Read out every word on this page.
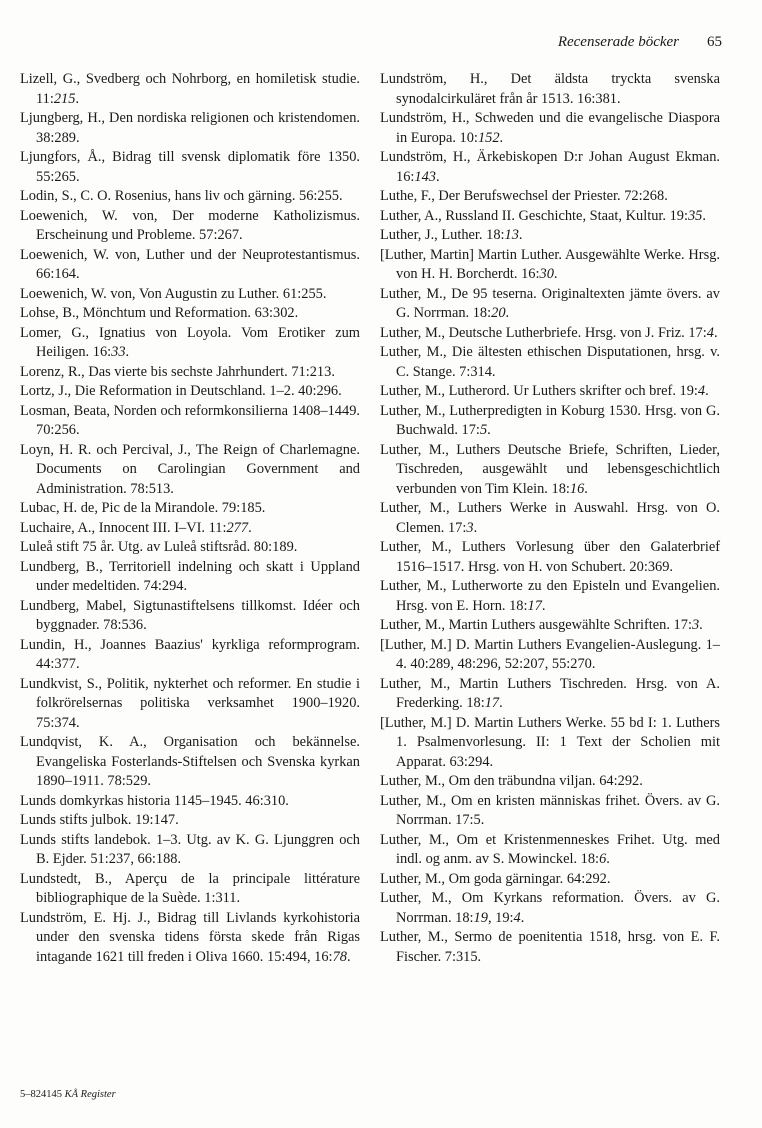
Recenserade böcker 65
Lizell, G., Svedberg och Nohrborg, en homiletisk studie. 11:215.
Ljungberg, H., Den nordiska religionen och kristendomen. 38:289.
Ljungfors, Å., Bidrag till svensk diplomatik före 1350. 55:265.
Lodin, S., C. O. Rosenius, hans liv och gärning. 56:255.
Loewenich, W. von, Der moderne Katholizismus. Erscheinung und Probleme. 57:267.
Loewenich, W. von, Luther und der Neuprotestantismus. 66:164.
Loewenich, W. von, Von Augustin zu Luther. 61:255.
Lohse, B., Mönchtum und Reformation. 63:302.
Lomer, G., Ignatius von Loyola. Vom Erotiker zum Heiligen. 16:33.
Lorenz, R., Das vierte bis sechste Jahrhundert. 71:213.
Lortz, J., Die Reformation in Deutschland. 1–2. 40:296.
Losman, Beata, Norden och reformkonsilierna 1408–1449. 70:256.
Loyn, H. R. och Percival, J., The Reign of Charlemagne. Documents on Carolingian Government and Administration. 78:513.
Lubac, H. de, Pic de la Mirandole. 79:185.
Luchaire, A., Innocent III. I–VI. 11:277.
Luleå stift 75 år. Utg. av Luleå stiftsråd. 80:189.
Lundberg, B., Territoriell indelning och skatt i Uppland under medeltiden. 74:294.
Lundberg, Mabel, Sigtunastiftelsens tillkomst. Idéer och byggnader. 78:536.
Lundin, H., Joannes Baazius' kyrkliga reformprogram. 44:377.
Lundkvist, S., Politik, nykterhet och reformer. En studie i folkrörelsernas politiska verksamhet 1900–1920. 75:374.
Lundqvist, K. A., Organisation och bekännelse. Evangeliska Fosterlands-Stiftelsen och Svenska kyrkan 1890–1911. 78:529.
Lunds domkyrkas historia 1145–1945. 46:310.
Lunds stifts julbok. 19:147.
Lunds stifts landebok. 1–3. Utg. av K. G. Ljunggren och B. Ejder. 51:237, 66:188.
Lundstedt, B., Aperçu de la principale littérature bibliographique de la Suède. 1:311.
Lundström, E. Hj. J., Bidrag till Livlands kyrkohistoria under den svenska tidens första skede från Rigas intagande 1621 till freden i Oliva 1660. 15:494, 16:78.
Lundström, H., Det äldsta tryckta svenska synodalcirkuläret från år 1513. 16:381.
Lundström, H., Schweden und die evangelische Diaspora in Europa. 10:152.
Lundström, H., Ärkebiskopen D:r Johan August Ekman. 16:143.
Luthe, F., Der Berufswechsel der Priester. 72:268.
Luther, A., Russland II. Geschichte, Staat, Kultur. 19:35.
Luther, J., Luther. 18:13.
[Luther, Martin] Martin Luther. Ausgewählte Werke. Hrsg. von H. H. Borcherdt. 16:30.
Luther, M., De 95 teserna. Originaltexten jämte övers. av G. Norrman. 18:20.
Luther, M., Deutsche Lutherbriefe. Hrsg. von J. Friz. 17:4.
Luther, M., Die ältesten ethischen Disputationen, hrsg. v. C. Stange. 7:314.
Luther, M., Lutherord. Ur Luthers skrifter och bref. 19:4.
Luther, M., Lutherpredigten in Koburg 1530. Hrsg. von G. Buchwald. 17:5.
Luther, M., Luthers Deutsche Briefe, Schriften, Lieder, Tischreden, ausgewählt und lebensgeschichtlich verbunden von Tim Klein. 18:16.
Luther, M., Luthers Werke in Auswahl. Hrsg. von O. Clemen. 17:3.
Luther, M., Luthers Vorlesung über den Galaterbrief 1516–1517. Hrsg. von H. von Schubert. 20:369.
Luther, M., Lutherworte zu den Episteln und Evangelien. Hrsg. von E. Horn. 18:17.
Luther, M., Martin Luthers ausgewählte Schriften. 17:3.
[Luther, M.] D. Martin Luthers Evangelien-Auslegung. 1–4. 40:289, 48:296, 52:207, 55:270.
Luther, M., Martin Luthers Tischreden. Hrsg. von A. Frederking. 18:17.
[Luther, M.] D. Martin Luthers Werke. 55 bd I: 1. Luthers 1. Psalmenvorlesung. II: 1 Text der Scholien mit Apparat. 63:294.
Luther, M., Om den träbundna viljan. 64:292.
Luther, M., Om en kristen människas frihet. Övers. av G. Norrman. 17:5.
Luther, M., Om et Kristenmenneskes Frihet. Utg. med indl. og anm. av S. Mowinckel. 18:6.
Luther, M., Om goda gärningar. 64:292.
Luther, M., Om Kyrkans reformation. Övers. av G. Norrman. 18:19, 19:4.
Luther, M., Sermo de poenitentia 1518, hrsg. von E. F. Fischer. 7:315.
5–824145 KÅ Register
